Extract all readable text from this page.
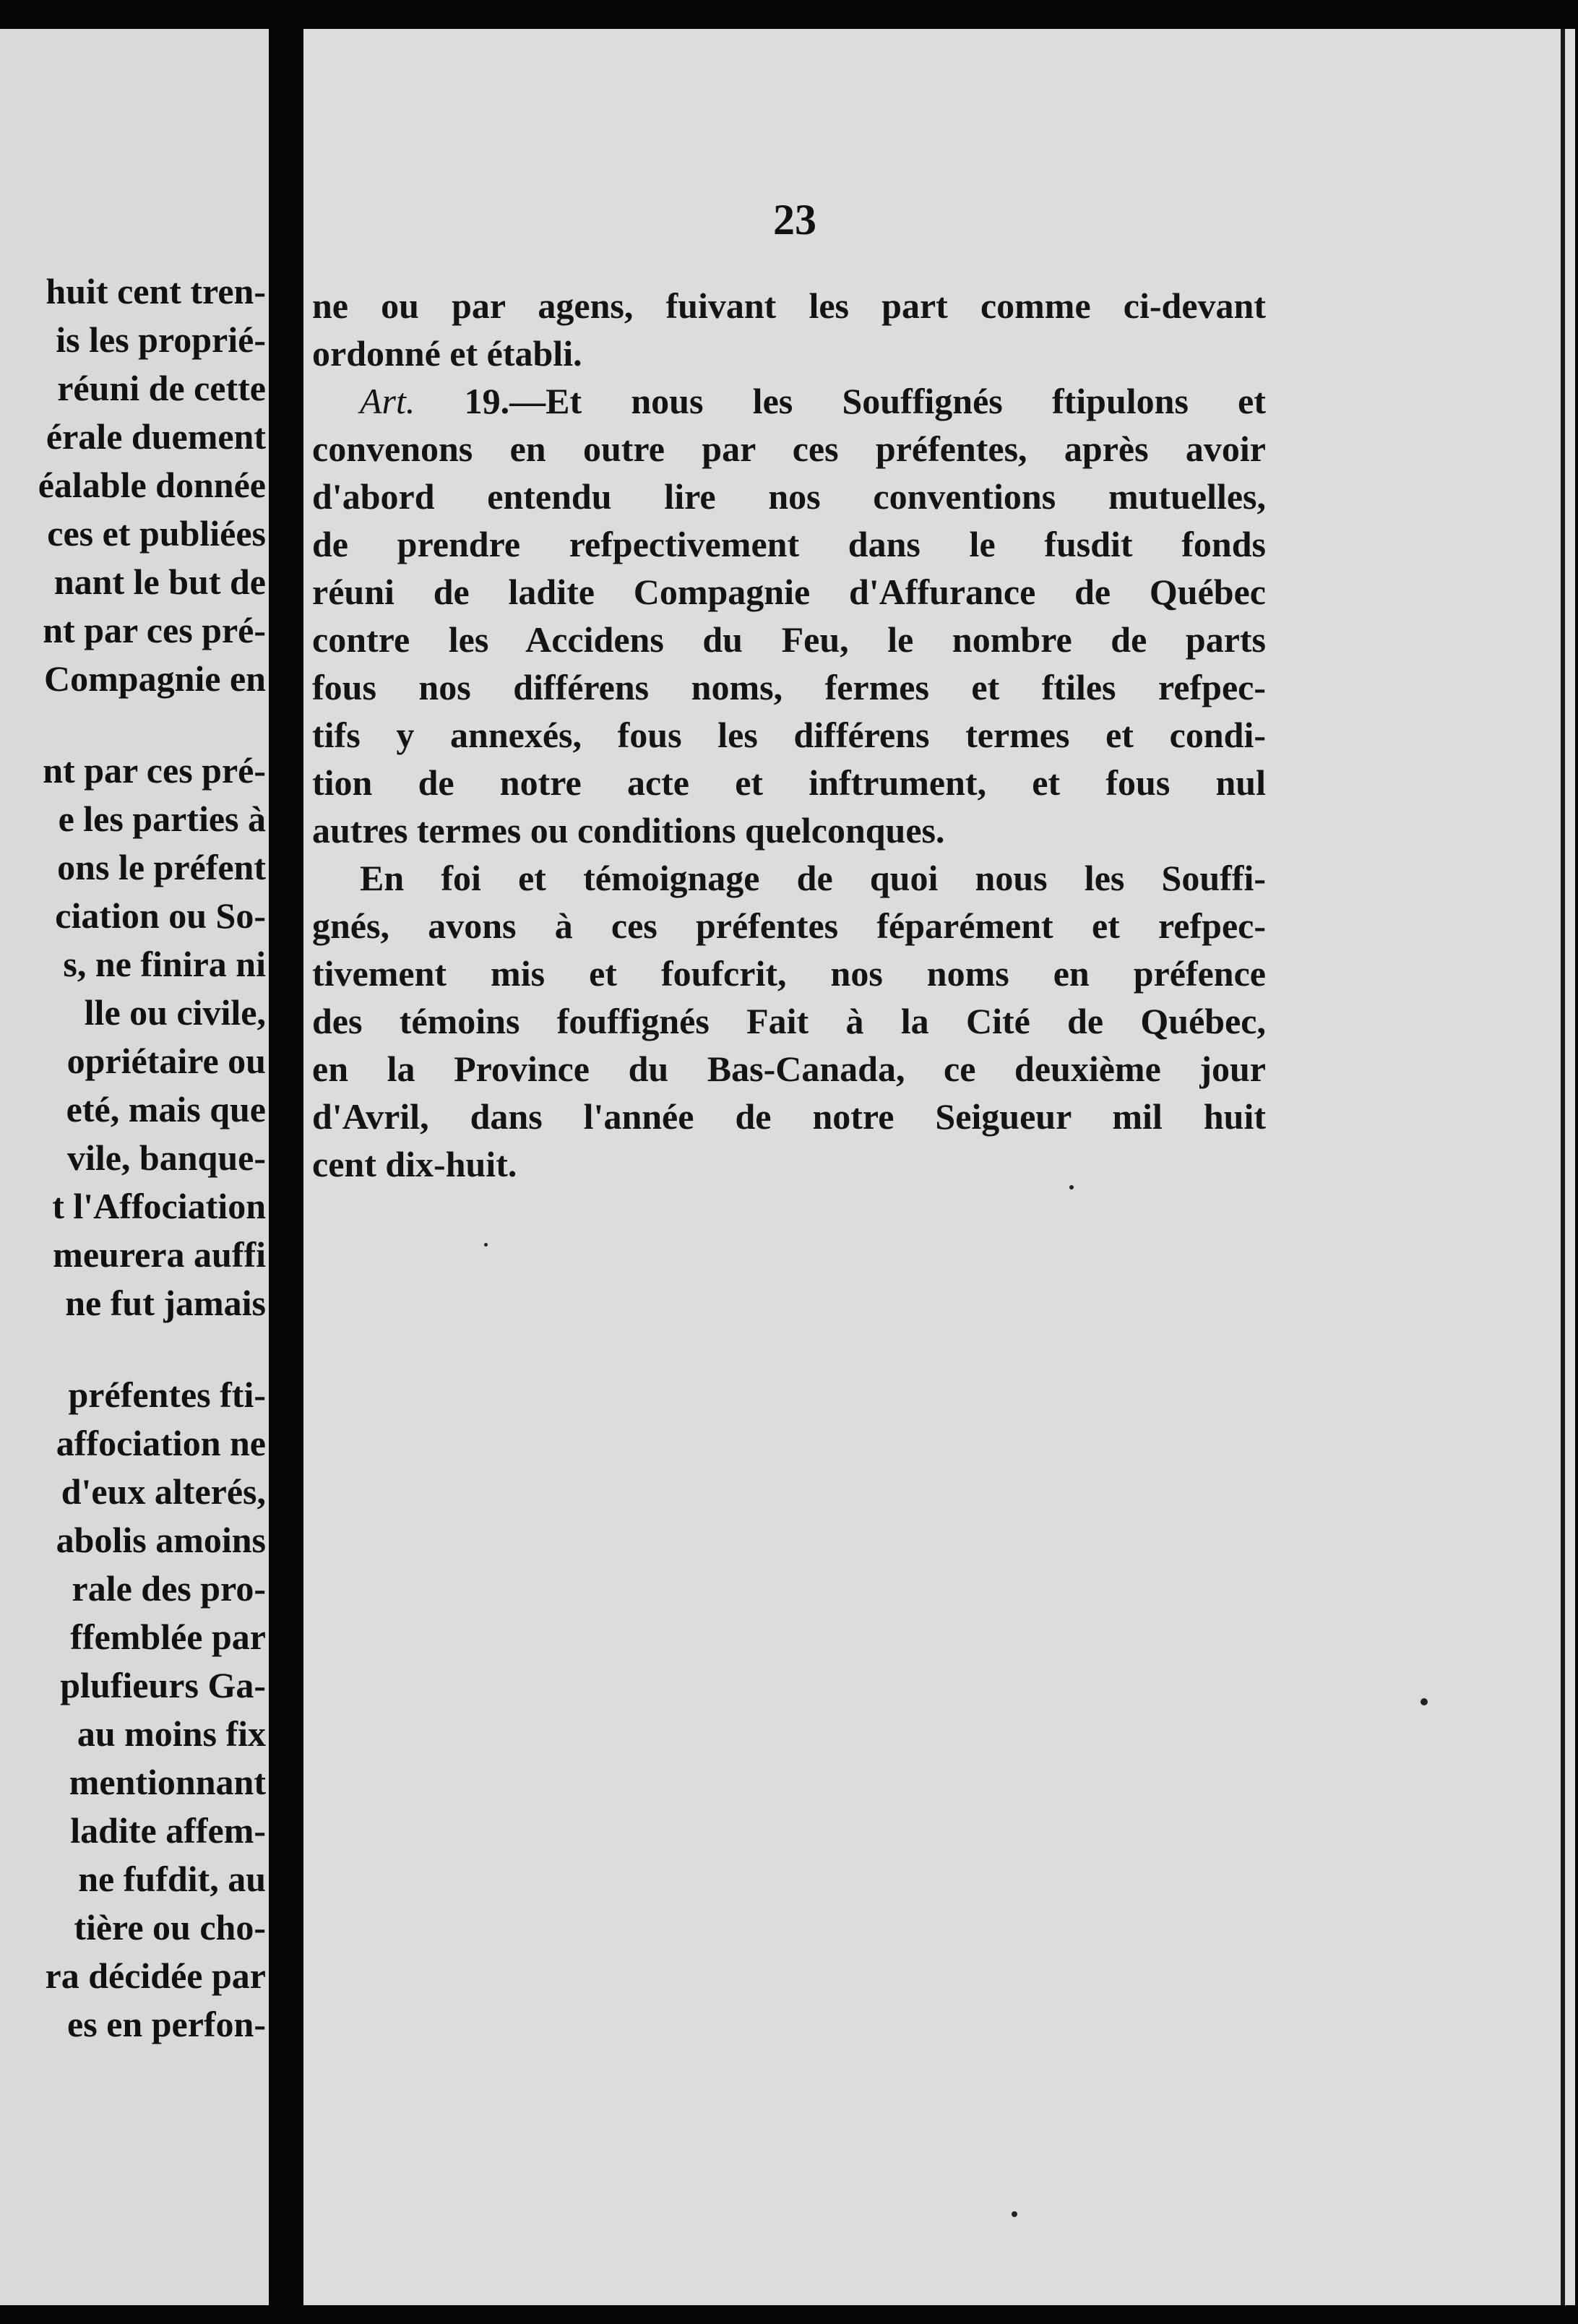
huit cent tren-
is les proprié-
réuni de cette
érale duement
éalable donnée
ces et publiées
nant le but de
nt par ces pré-
Compagnie en
nt par ces pré-
e les parties à
ons le préfent
ciation ou So-
s, ne finira ni
lle ou civile,
opriétaire ou
eté, mais que
vile, banque-
t l'Affociation
meurera auffi
ne fut jamais
préfentes fti-
affociation ne
d'eux alterés,
abolis amoins
rale des pro-
ffemblée par
plufieurs Ga-
au moins fix
mentionnant
ladite affem-
ne fufdit, au
tière ou cho-
ra décidée par
es en perfon-
23
ne ou par agens, fuivant les part comme ci-devant
ordonné et établi.
Art. 19.—Et nous les Souffignés ftipulons et
convenons en outre par ces préfentes, après avoir
d'abord entendu lire nos conventions mutuelles,
de prendre refpectivement dans le fusdit fonds
réuni de ladite Compagnie d'Affurance de Québec
contre les Accidens du Feu, le nombre de parts
fous nos différens noms, fermes et ftiles refpec-
tifs y annexés, fous les différens termes et condi-
tion de notre acte et inftrument, et fous nul
autres termes ou conditions quelconques.
En foi et témoignage de quoi nous les Souffi-
gnés, avons à ces préfentes féparément et refpec-
tivement mis et foufcrit, nos noms en préfence
des témoins fouffignés Fait à la Cité de Québec,
en la Province du Bas-Canada, ce deuxième jour
d'Avril, dans l'année de notre Seigueur mil huit
cent dix-huit.
